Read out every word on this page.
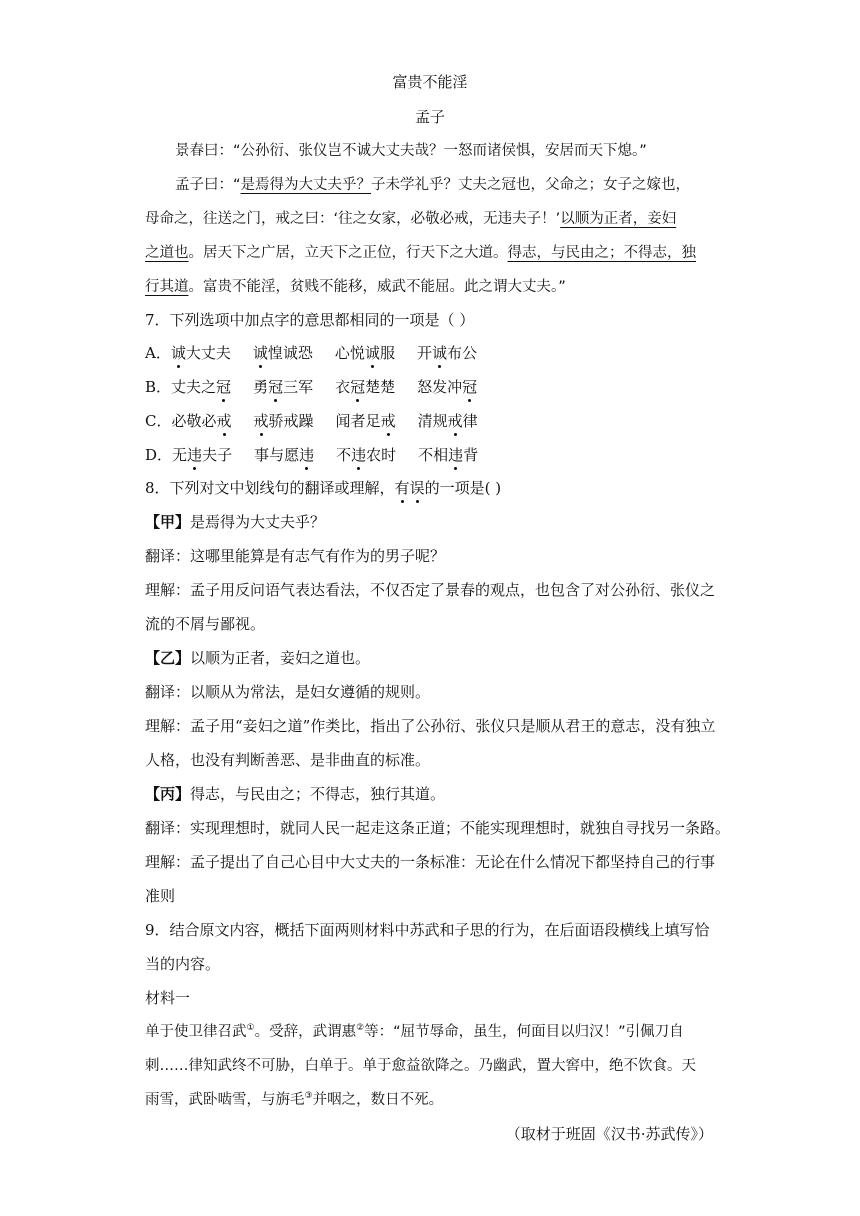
富贵不能淫
孟子
景春曰：“公孙衍、张仪岂不诚大丈夫哉？一怒而诸侯惧，安居而天下熄。”
孟子曰：“是焉得为大丈夫乎？子未学礼乎？丈夫之冠也，父命之；女子之嫁也，
母命之，往送之门，戒之曰：‘往之女家，必敬必戒，无违夫子！’以顺为正者，妾妇
之道也。居天下之广居，立天下之正位，行天下之大道。得志，与民由之；不得志，独
行其道。富贵不能淫，贫贱不能移，威武不能屈。此之谓大丈夫。”
7．下列选项中加点字的意思都相同的一项是（ ）
A．诚大丈夫 诚惶诚恐 心悦诚服 开诚布公
B．丈夫之冠 勇冠三军 衣冠楚楚 怒发冲冠
C．必敬必戒 戒骄戒躁 闻者足戒 清规戒律
D．无违夫子 事与愿违 不违农时 不相违背
8．下列对文中划线句的翻译或理解，有误的一项是( )
【甲】是焉得为大丈夫乎？
翻译：这哪里能算是有志气有作为的男子呢？
理解：孟子用反问语气表达看法，不仅否定了景春的观点，也包含了对公孙衍、张仪之
流的不屑与鄙视。
【乙】以顺为正者，妾妇之道也。
翻译：以顺从为常法，是妇女遵循的规则。
理解：孟子用“妾妇之道”作类比，指出了公孙衍、张仪只是顺从君王的意志，没有独立
人格，也没有判断善恶、是非曲直的标准。
【丙】得志，与民由之；不得志，独行其道。
翻译：实现理想时，就同人民一起走这条正道；不能实现理想时，就独自寻找另一条路。
理解：孟子提出了自己心目中大丈夫的一条标准：无论在什么情况下都坚持自己的行事
准则
9．结合原文内容，概括下面两则材料中苏武和子思的行为，在后面语段横线上填写恰
当的内容。
材料一
单于使卫律召武①。受辞，武谓惠②等：“屈节辱命，虽生，何面目以归汉！”引佩刀自
刺……律知武终不可胁，白单于。单于愈益欲降之。乃幽武，置大窖中，绝不饮食。天
雨雪，武卧啮雪，与旃毛③并咽之，数日不死。
（取材于班固《汉书·苏武传》）
